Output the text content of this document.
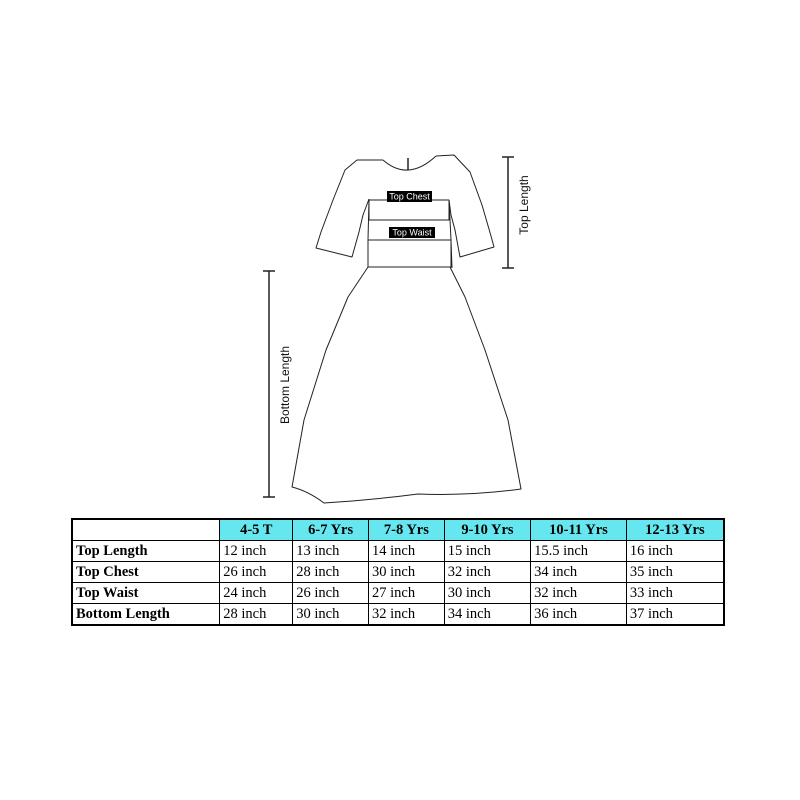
Top Chest
Top Waist	Top Length
Bottom Length
	4-5 T	6-7 Yrs	7-8 Yrs	9-10 Yrs	10-11 Yrs	12-13 Yrs
Top Length	12 inch	13 inch	14 inch	15 inch	15.5 inch	16 inch
Top Chest	26 inch	28 inch	30 inch	32 inch	34 inch	35 inch
Top Waist	24 inch	26 inch	27 inch	30 inch	32 inch	33 inch
Bottom Length	28 inch	30 inch	32 inch	34 inch	36 inch	37 inch
